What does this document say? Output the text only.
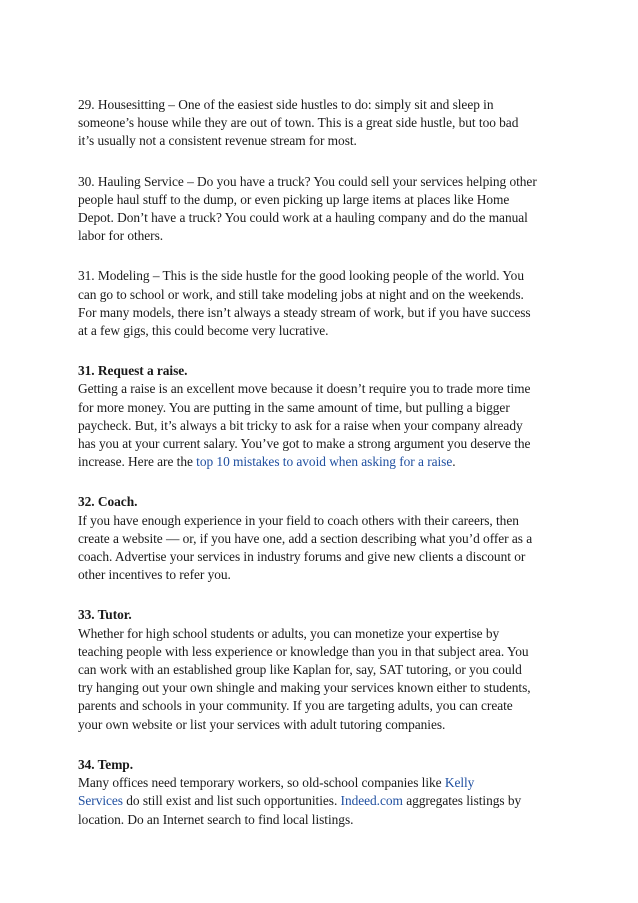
29. Housesitting – One of the easiest side hustles to do: simply sit and sleep in
someone’s house while they are out of town. This is a great side hustle, but too bad
it’s usually not a consistent revenue stream for most.
30. Hauling Service – Do you have a truck? You could sell your services helping other
people haul stuff to the dump, or even picking up large items at places like Home
Depot. Don’t have a truck? You could work at a hauling company and do the manual
labor for others.
31. Modeling – This is the side hustle for the good looking people of the world. You
can go to school or work, and still take modeling jobs at night and on the weekends.
For many models, there isn’t always a steady stream of work, but if you have success
at a few gigs, this could become very lucrative.
31. Request a raise.
Getting a raise is an excellent move because it doesn’t require you to trade more time
for more money. You are putting in the same amount of time, but pulling a bigger
paycheck. But, it’s always a bit tricky to ask for a raise when your company already
has you at your current salary. You’ve got to make a strong argument you deserve the
increase. Here are the top 10 mistakes to avoid when asking for a raise.
32. Coach.
If you have enough experience in your field to coach others with their careers, then
create a website — or, if you have one, add a section describing what you’d offer as a
coach. Advertise your services in industry forums and give new clients a discount or
other incentives to refer you.
33. Tutor.
Whether for high school students or adults, you can monetize your expertise by
teaching people with less experience or knowledge than you in that subject area. You
can work with an established group like Kaplan for, say, SAT tutoring, or you could
try hanging out your own shingle and making your services known either to students,
parents and schools in your community. If you are targeting adults, you can create
your own website or list your services with adult tutoring companies.
34. Temp.
Many offices need temporary workers, so old-school companies like Kelly
Services do still exist and list such opportunities. Indeed.com aggregates listings by
location. Do an Internet search to find local listings.
